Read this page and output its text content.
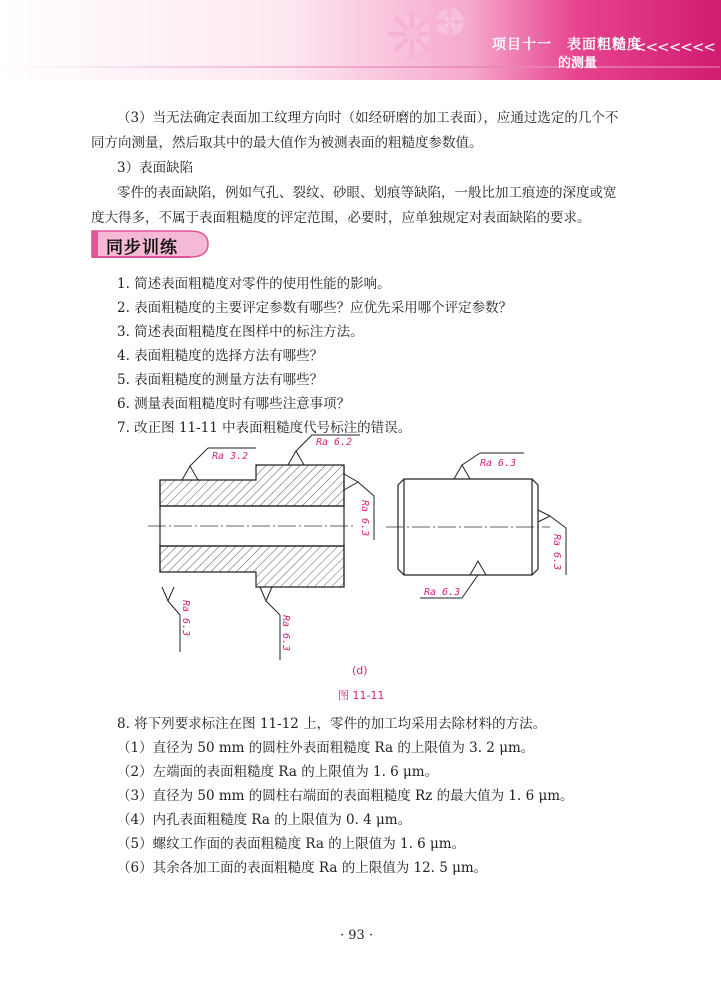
项目十一　表面粗糙度
的测量
<<<<<<<
（3）当无法确定表面加工纹理方向时（如经研磨的加工表面），应通过选定的几个不
同方向测量，然后取其中的最大值作为被测表面的粗糙度参数值。
3）表面缺陷
零件的表面缺陷，例如气孔、裂纹、砂眼、划痕等缺陷，一般比加工痕迹的深度或宽
度大得多，不属于表面粗糙度的评定范围，必要时，应单独规定对表面缺陷的要求。
同步训练
1. 简述表面粗糙度对零件的使用性能的影响。
2. 表面粗糙度的主要评定参数有哪些？应优先采用哪个评定参数？
3. 简述表面粗糙度在图样中的标注方法。
4. 表面粗糙度的选择方法有哪些？
5. 表面粗糙度的测量方法有哪些？
6. 测量表面粗糙度时有哪些注意事项？
7. 改正图 11-11 中表面粗糙度代号标注的错误。
Ra 3.2
Ra 6.2
Ra 6.3
Ra 6.3	Ra 6.3
Ra 6.3
Ra 6.3
Ra 6.3
(d)
图 11-11
8. 将下列要求标注在图 11-12 上，零件的加工均采用去除材料的方法。
（1）直径为 50 mm 的圆柱外表面粗糙度 Ra 的上限值为 3. 2 μm。
（2）左端面的表面粗糙度 Ra 的上限值为 1. 6 μm。
（3）直径为 50 mm 的圆柱右端面的表面粗糙度 Rz 的最大值为 1. 6 μm。
（4）内孔表面粗糙度 Ra 的上限值为 0. 4 μm。
（5）螺纹工作面的表面粗糙度 Ra 的上限值为 1. 6 μm。
（6）其余各加工面的表面粗糙度 Ra 的上限值为 12. 5 μm。
· 93 ·
